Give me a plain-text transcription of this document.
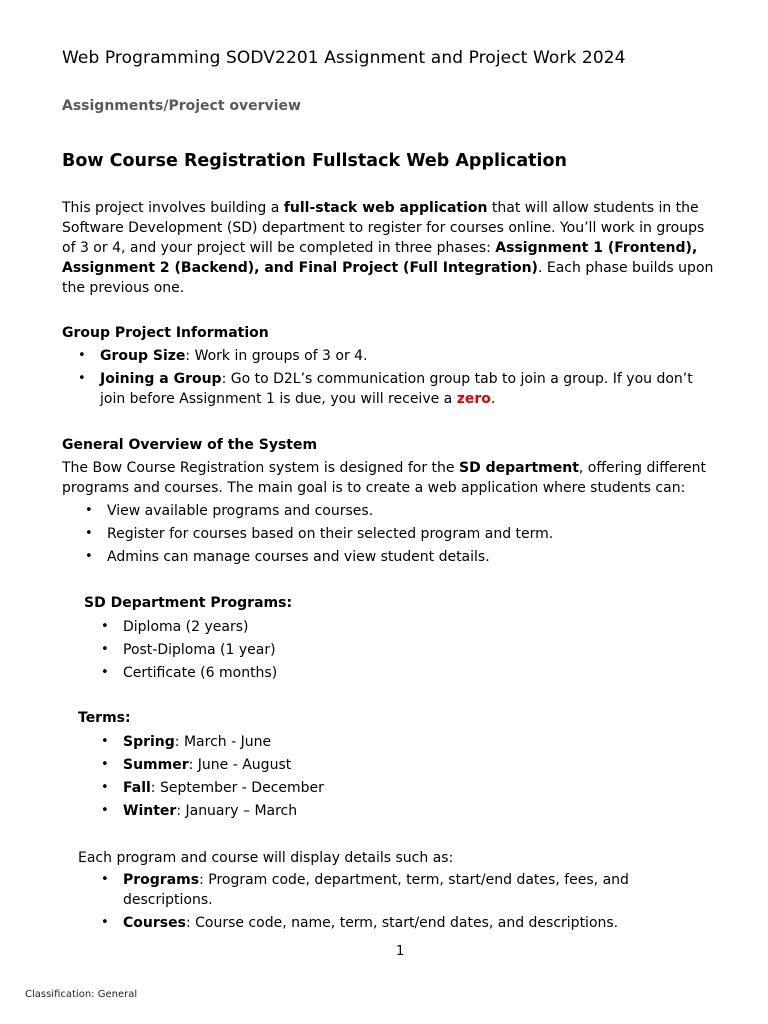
Web Programming SODV2201 Assignment and Project Work 2024
Assignments/Project overview
Bow Course Registration Fullstack Web Application
This project involves building a full-stack web application that will allow students in the
Software Development (SD) department to register for courses online. You’ll work in groups
of 3 or 4, and your project will be completed in three phases: Assignment 1 (Frontend),
Assignment 2 (Backend), and Final Project (Full Integration). Each phase builds upon
the previous one.
Group Project Information
• Group Size: Work in groups of 3 or 4.
• Joining a Group: Go to D2L’s communication group tab to join a group. If you don’t
join before Assignment 1 is due, you will receive a zero.
General Overview of the System
The Bow Course Registration system is designed for the SD department, offering different
programs and courses. The main goal is to create a web application where students can:
• View available programs and courses.
• Register for courses based on their selected program and term.
• Admins can manage courses and view student details.
SD Department Programs:
• Diploma (2 years)
• Post-Diploma (1 year)
• Certificate (6 months)
Terms:
• Spring: March - June
• Summer: June - August
• Fall: September - December
• Winter: January – March
Each program and course will display details such as:
• Programs: Program code, department, term, start/end dates, fees, and
descriptions.
• Courses: Course code, name, term, start/end dates, and descriptions.
1
Classification: General
